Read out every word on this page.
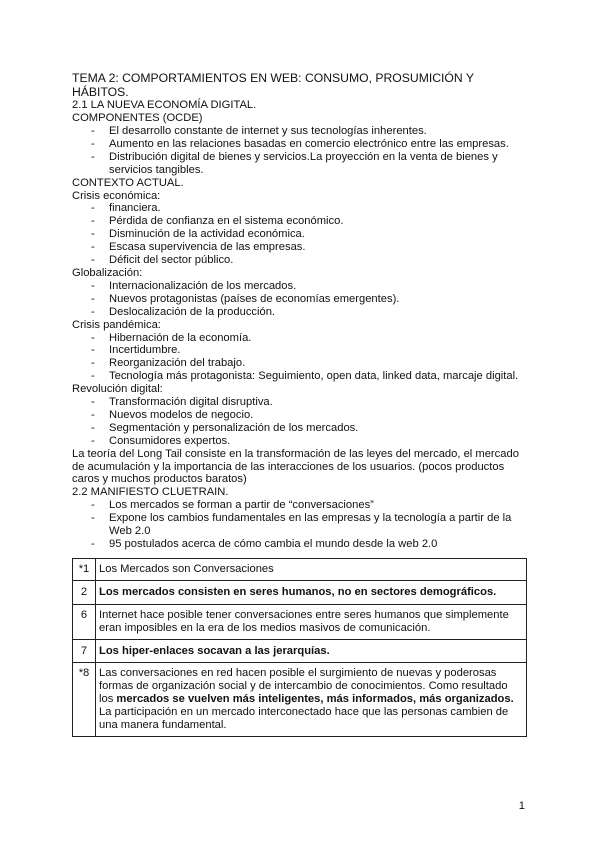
TEMA 2: COMPORTAMIENTOS EN WEB: CONSUMO, PROSUMICIÓN Y HÁBITOS.

2.1 LA NUEVA ECONOMÍA DIGITAL.

COMPONENTES (OCDE)

- El desarrollo constante de internet y sus tecnologías inherentes.
- Aumento en las relaciones basadas en comercio electrónico entre las empresas.
- Distribución digital de bienes y servicios.La proyección en la venta de bienes y servicios tangibles.

CONTEXTO ACTUAL.

Crisis económica:

- financiera.
- Pérdida de confianza en el sistema económico.
- Disminución de la actividad económica.
- Escasa supervivencia de las empresas.
- Déficit del sector público.

Globalización:

- Internacionalización de los mercados.
- Nuevos protagonistas (países de economías emergentes).
- Deslocalización de la producción.

Crisis pandémica:

- Hibernación de la economía.
- Incertidumbre.
- Reorganización del trabajo.
- Tecnología más protagonista: Seguimiento, open data, linked data, marcaje digital.

Revolución digital:

- Transformación digital disruptiva.
- Nuevos modelos de negocio.
- Segmentación y personalización de los mercados.
- Consumidores expertos.

La teoría del Long Tail consiste en la transformación de las leyes del mercado, el mercado de acumulación y la importancia de las interacciones de los usuarios. (pocos productos caros y muchos productos baratos)

2.2 MANIFIESTO CLUETRAIN.

- Los mercados se forman a partir de “conversaciones”
- Expone los cambios fundamentales en las empresas y la tecnología a partir de la Web 2.0
- 95 postulados acerca de cómo cambia el mundo desde la web 2.0
*1	Los Mercados son Conversaciones
2	Los mercados consisten en seres humanos, no en sectores demográficos.
6	Internet hace posible tener conversaciones entre seres humanos que simplemente eran imposibles en la era de los medios masivos de comunicación.
7	Los hiper-enlaces socavan a las jerarquías.
*8	Las conversaciones en red hacen posible el surgimiento de nuevas y poderosas formas de organización social y de intercambio de conocimientos. Como resultado los mercados se vuelven más inteligentes, más informados, más organizados. La participación en un mercado interconectado hace que las personas cambien de una manera fundamental.
1
